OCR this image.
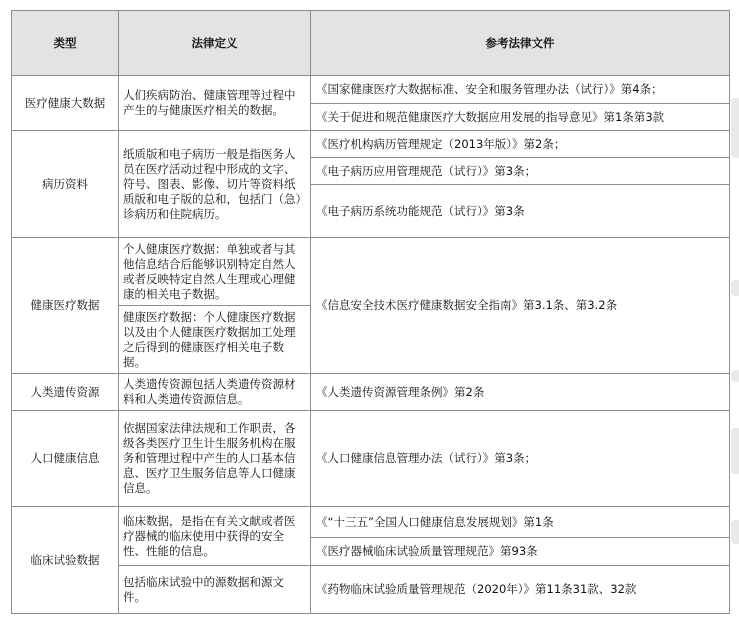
类型	法律定义	参考法律文件
医疗健康大数据	人们疾病防治、健康管理等过程中产生的与健康医疗相关的数据。	《国家健康医疗大数据标准、安全和服务管理办法（试行）》第4条；
		《关于促进和规范健康医疗大数据应用发展的指导意见》第1条第3款
病历资料	纸质版和电子病历一般是指医务人员在医疗活动过程中形成的文字、符号、图表、影像、切片等资料纸质版和电子版的总和，包括门（急）诊病历和住院病历。	《医疗机构病历管理规定（2013年版）》第2条；
		《电子病历应用管理规范（试行）》第3条；
		《电子病历系统功能规范（试行）》第3条
健康医疗数据	个人健康医疗数据：单独或者与其他信息结合后能够识别特定自然人或者反映特定自然人生理或心理健康的相关电子数据。	《信息安全技术医疗健康数据安全指南》第3.1条、第3.2条
	健康医疗数据：个人健康医疗数据以及由个人健康医疗数据加工处理之后得到的健康医疗相关电子数据。	
人类遗传资源	人类遗传资源包括人类遗传资源材料和人类遗传资源信息。	《人类遗传资源管理条例》第2条
人口健康信息	依据国家法律法规和工作职责，各级各类医疗卫生计生服务机构在服务和管理过程中产生的人口基本信息、医疗卫生服务信息等人口健康信息。	《人口健康信息管理办法（试行）》第3条；
临床试验数据	临床数据，是指在有关文献或者医疗器械的临床使用中获得的安全性、性能的信息。	《“十三五”全国人口健康信息发展规划》第1条
		《医疗器械临床试验质量管理规范》第93条
	包括临床试验中的源数据和源文件。	《药物临床试验质量管理规范（2020年）》第11条31款、32款
